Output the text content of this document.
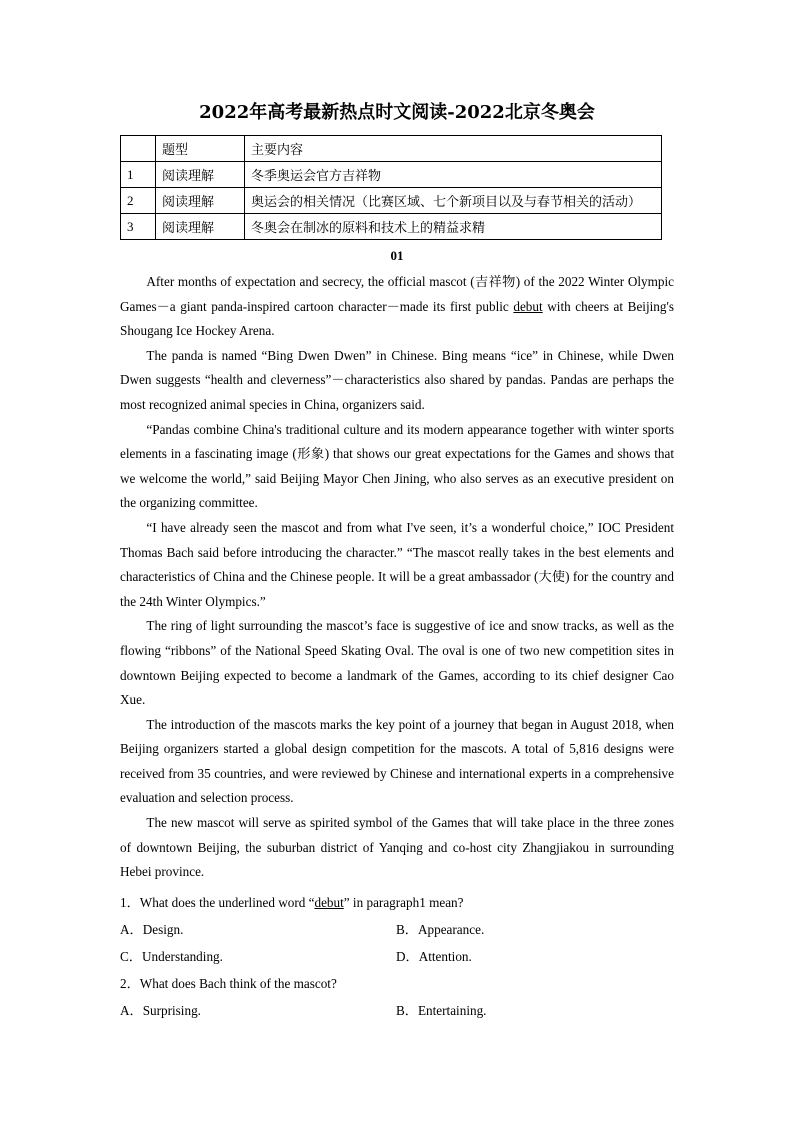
2022年高考最新热点时文阅读-2022北京冬奥会
	题型	主要内容
1	阅读理解	冬季奥运会官方吉祥物
2	阅读理解	奥运会的相关情况（比赛区域、七个新项目以及与春节相关的活动）
3	阅读理解	冬奥会在制冰的原料和技术上的精益求精
01

After months of expectation and secrecy, the official mascot (吉祥物) of the 2022 Winter Olympic Games－a giant panda-inspired cartoon character－made its first public debut with cheers at Beijing's Shougang Ice Hockey Arena.

The panda is named “Bing Dwen Dwen” in Chinese. Bing means “ice” in Chinese, while Dwen Dwen suggests “health and cleverness”－characteristics also shared by pandas. Pandas are perhaps the most recognized animal species in China, organizers said.

“Pandas combine China's traditional culture and its modern appearance together with winter sports elements in a fascinating image (形象) that shows our great expectations for the Games and shows that we welcome the world,” said Beijing Mayor Chen Jining, who also serves as an executive president on the organizing committee.

“I have already seen the mascot and from what I've seen, it’s a wonderful choice,” IOC President Thomas Bach said before introducing the character.” “The mascot really takes in the best elements and characteristics of China and the Chinese people. It will be a great ambassador (大使) for the country and the 24th Winter Olympics.”

The ring of light surrounding the mascot’s face is suggestive of ice and snow tracks, as well as the flowing “ribbons” of the National Speed Skating Oval. The oval is one of two new competition sites in downtown Beijing expected to become a landmark of the Games, according to its chief designer Cao Xue.

The introduction of the mascots marks the key point of a journey that began in August 2018, when Beijing organizers started a global design competition for the mascots. A total of 5,816 designs were received from 35 countries, and were reviewed by Chinese and international experts in a comprehensive evaluation and selection process.

The new mascot will serve as spirited symbol of the Games that will take place in the three zones of downtown Beijing, the suburban district of Yanqing and co-host city Zhangjiakou in surrounding Hebei province.

1．What does the underlined word “debut” in paragraph1 mean?
A．Design.	B．Appearance.
C．Understanding.	D．Attention.
2．What does Bach think of the mascot?
A．Surprising.	B．Entertaining.
